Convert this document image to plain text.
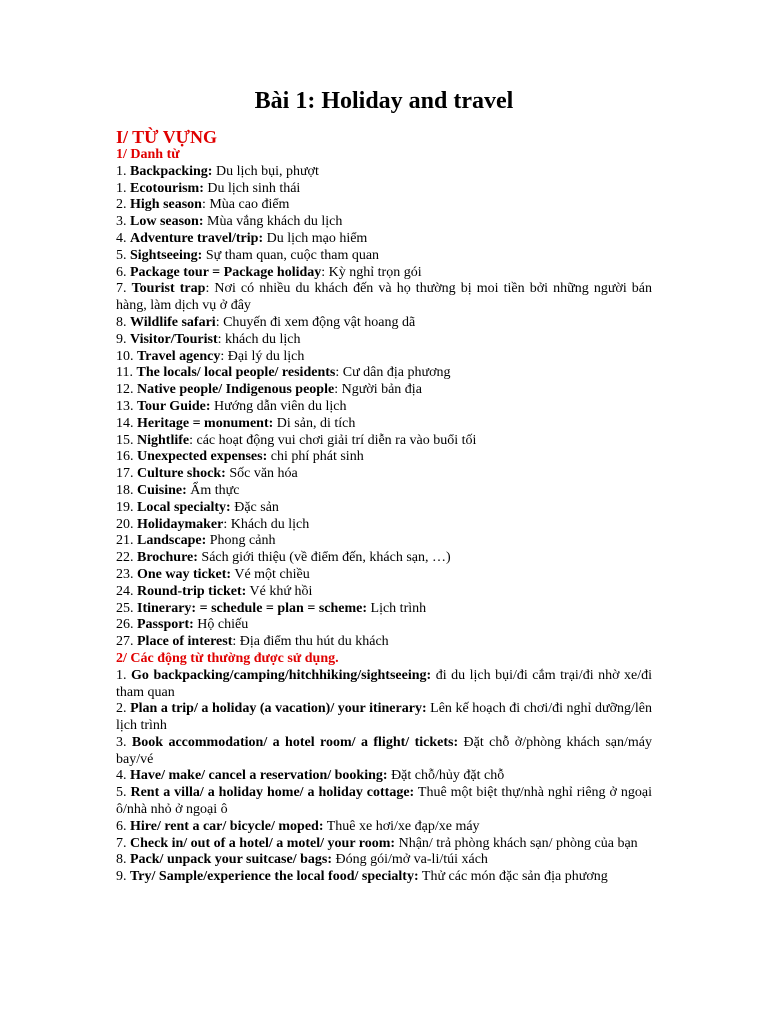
Bài 1: Holiday and travel
I/ TỪ VỰNG
1/ Danh từ
1. Backpacking: Du lịch bụi, phượt
1. Ecotourism: Du lịch sinh thái
2. High season: Mùa cao điểm
3. Low season: Mùa vắng khách du lịch
4. Adventure travel/trip: Du lịch mạo hiểm
5. Sightseeing: Sự tham quan, cuộc tham quan
6. Package tour = Package holiday: Kỳ nghỉ trọn gói
7. Tourist trap: Nơi có nhiều du khách đến và họ thường bị moi tiền bởi những người bán hàng, làm dịch vụ ở đây
8. Wildlife safari: Chuyến đi xem động vật hoang dã
9. Visitor/Tourist: khách du lịch
10. Travel agency: Đại lý du lịch
11. The locals/ local people/ residents: Cư dân địa phương
12. Native people/ Indigenous people: Người bản địa
13. Tour Guide: Hướng dẫn viên du lịch
14. Heritage = monument: Di sản, di tích
15. Nightlife: các hoạt động vui chơi giải trí diễn ra vào buổi tối
16. Unexpected expenses: chi phí phát sinh
17. Culture shock: Sốc văn hóa
18. Cuisine: Ẩm thực
19. Local specialty: Đặc sản
20. Holidaymaker: Khách du lịch
21. Landscape: Phong cảnh
22. Brochure: Sách giới thiệu (về điểm đến, khách sạn, …)
23. One way ticket: Vé một chiều
24. Round-trip ticket: Vé khứ hồi
25. Itinerary: = schedule = plan = scheme: Lịch trình
26. Passport: Hộ chiếu
27. Place of interest: Địa điểm thu hút du khách
2/ Các động từ thường được sử dụng.
1. Go backpacking/camping/hitchhiking/sightseeing: đi du lịch bụi/đi cắm trại/đi nhờ xe/đi tham quan
2. Plan a trip/ a holiday (a vacation)/ your itinerary: Lên kế hoạch đi chơi/đi nghỉ dưỡng/lên lịch trình
3. Book accommodation/ a hotel room/ a flight/ tickets: Đặt chỗ ở/phòng khách sạn/máy bay/vé
4. Have/ make/ cancel a reservation/ booking: Đặt chỗ/hủy đặt chỗ
5. Rent a villa/ a holiday home/ a holiday cottage: Thuê một biệt thự/nhà nghỉ riêng ở ngoại ô/nhà nhỏ ở ngoại ô
6. Hire/ rent a car/ bicycle/ moped: Thuê xe hơi/xe đạp/xe máy
7. Check in/ out of a hotel/ a motel/ your room: Nhận/ trả phòng khách sạn/ phòng của bạn
8. Pack/ unpack your suitcase/ bags: Đóng gói/mở va-li/túi xách
9. Try/ Sample/experience the local food/ specialty: Thử các món đặc sản địa phương
